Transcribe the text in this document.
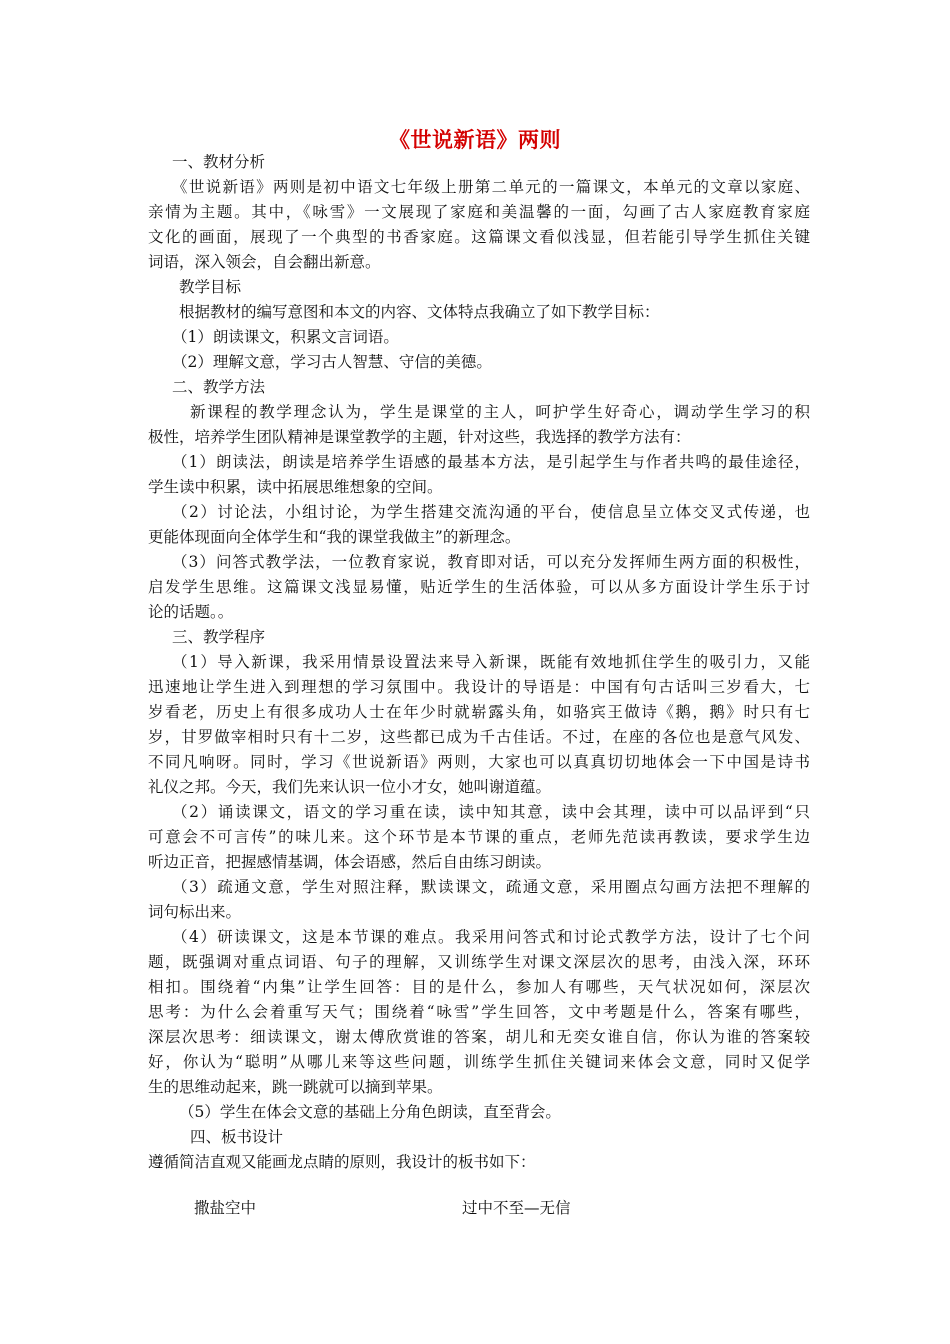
《世说新语》两则
一、教材分析
《世说新语》两则是初中语文七年级上册第二单元的一篇课文，本单元的文章以家庭、
亲情为主题。其中，《咏雪》一文展现了家庭和美温馨的一面，勾画了古人家庭教育家庭
文化的画面，展现了一个典型的书香家庭。这篇课文看似浅显，但若能引导学生抓住关键
词语，深入领会，自会翻出新意。
教学目标
根据教材的编写意图和本文的内容、文体特点我确立了如下教学目标：
（1）朗读课文，积累文言词语。
（2）理解文意，学习古人智慧、守信的美德。
二、教学方法
新课程的教学理念认为，学生是课堂的主人，呵护学生好奇心，调动学生学习的积
极性，培养学生团队精神是课堂教学的主题，针对这些，我选择的教学方法有：
（1）朗读法，朗读是培养学生语感的最基本方法，是引起学生与作者共鸣的最佳途径，
学生读中积累，读中拓展思维想象的空间。
（2）讨论法，小组讨论，为学生搭建交流沟通的平台，使信息呈立体交叉式传递，也
更能体现面向全体学生和“我的课堂我做主”的新理念。
（3）问答式教学法，一位教育家说，教育即对话，可以充分发挥师生两方面的积极性，
启发学生思维。这篇课文浅显易懂，贴近学生的生活体验，可以从多方面设计学生乐于讨
论的话题。。
三、教学程序
（1）导入新课，我采用情景设置法来导入新课，既能有效地抓住学生的吸引力，又能
迅速地让学生进入到理想的学习氛围中。我设计的导语是：中国有句古话叫三岁看大，七
岁看老，历史上有很多成功人士在年少时就崭露头角，如骆宾王做诗《鹅，鹅》时只有七
岁，甘罗做宰相时只有十二岁，这些都已成为千古佳话。不过，在座的各位也是意气风发、
不同凡响呀。同时，学习《世说新语》两则，大家也可以真真切切地体会一下中国是诗书
礼仪之邦。今天，我们先来认识一位小才女，她叫谢道蕴。
（2）诵读课文，语文的学习重在读，读中知其意，读中会其理，读中可以品评到“只
可意会不可言传”的味儿来。这个环节是本节课的重点，老师先范读再教读，要求学生边
听边正音，把握感情基调，体会语感，然后自由练习朗读。
（3）疏通文意，学生对照注释，默读课文，疏通文意，采用圈点勾画方法把不理解的
词句标出来。
（4）研读课文，这是本节课的难点。我采用问答式和讨论式教学方法，设计了七个问
题，既强调对重点词语、句子的理解，又训练学生对课文深层次的思考，由浅入深，环环
相扣。围绕着“内集”让学生回答：目的是什么，参加人有哪些，天气状况如何，深层次
思考：为什么会着重写天气；围绕着“咏雪”学生回答，文中考题是什么，答案有哪些，
深层次思考：细读课文，谢太傅欣赏谁的答案，胡儿和无奕女谁自信，你认为谁的答案较
好，你认为“聪明”从哪儿来等这些问题，训练学生抓住关键词来体会文意，同时又促学
生的思维动起来，跳一跳就可以摘到苹果。
（5）学生在体会文意的基础上分角色朗读，直至背会。
四、板书设计
遵循简洁直观又能画龙点睛的原则，我设计的板书如下：
撒盐空中	过中不至—无信
